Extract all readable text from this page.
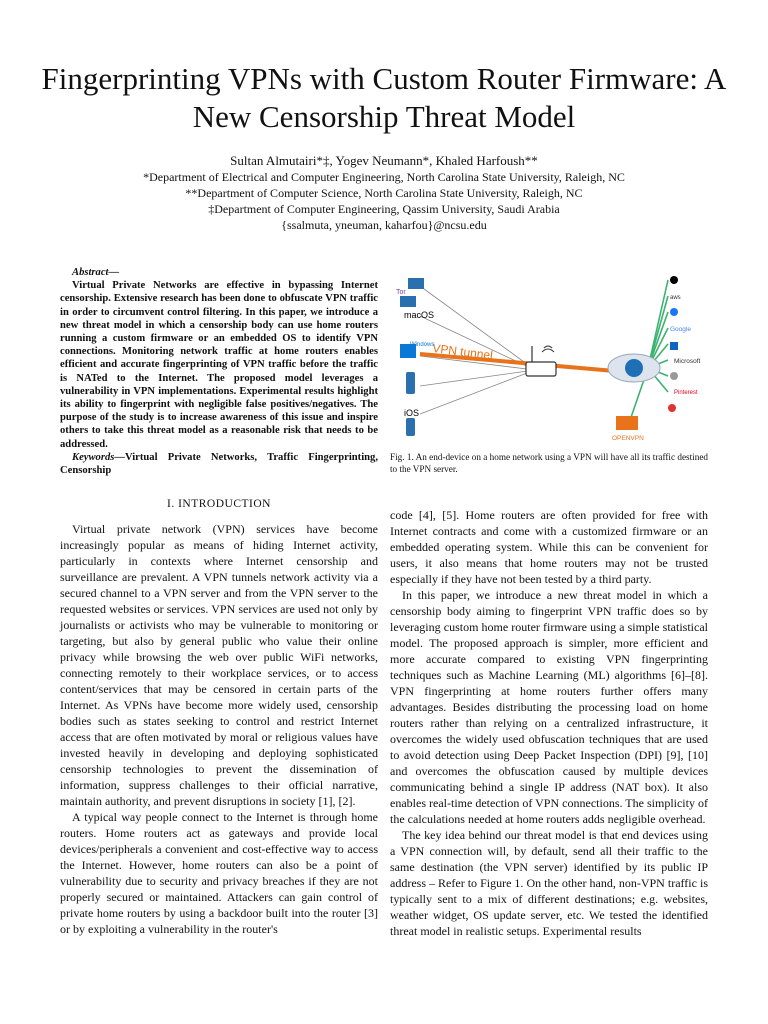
Fingerprinting VPNs with Custom Router Firmware: A New Censorship Threat Model
Sultan Almutairi*‡, Yogev Neumann*, Khaled Harfoush**
*Department of Electrical and Computer Engineering, North Carolina State University, Raleigh, NC
**Department of Computer Science, North Carolina State University, Raleigh, NC
‡Department of Computer Engineering, Qassim University, Saudi Arabia
{ssalmuta, yneuman, kaharfou}@ncsu.edu

Abstract—

Virtual Private Networks are effective in bypassing Internet censorship. Extensive research has been done to obfuscate VPN traffic in order to circumvent control filtering. In this paper, we introduce a new threat model in which a censorship body can use home routers running a custom firmware or an embedded OS to identify VPN connections. Monitoring network traffic at home routers enables efficient and accurate fingerprinting of VPN traffic before the traffic is NATed to the Internet. The proposed model leverages a vulnerability in VPN implementations. Experimental results highlight its ability to fingerprint with negligible false positives/negatives. The purpose of the study is to increase awareness of this issue and inspire others to take this threat model as a reasonable risk that needs to be addressed.

Keywords—Virtual Private Networks, Traffic Fingerprinting, Censorship

I. INTRODUCTION

Virtual private network (VPN) services have become increasingly popular as means of hiding Internet activity, particularly in contexts where Internet censorship and surveillance are prevalent. A VPN tunnels network activity via a secured channel to a VPN server and from the VPN server to the requested websites or services. VPN services are used not only by journalists or activists who may be vulnerable to monitoring or targeting, but also by general public who value their online privacy while browsing the web over public WiFi networks, connecting remotely to their workplace services, or to access content/services that may be censored in certain parts of the Internet. As VPNs have become more widely used, censorship bodies such as states seeking to control and restrict Internet access that are often motivated by moral or religious values have invested heavily in developing and deploying sophisticated censorship technologies to prevent the dissemination of information, suppress challenges to their official narrative, maintain authority, and prevent disruptions in society [1], [2].

A typical way people connect to the Internet is through home routers. Home routers act as gateways and provide local devices/peripherals a convenient and cost-effective way to access the Internet. However, home routers can also be a point of vulnerability due to security and privacy breaches if they are not properly secured or maintained. Attackers can gain control of private home routers by using a backdoor built into the router [3] or by exploiting a vulnerability in the router's

VPN tunnel
Tor
macOS
Windows
iOS
OPENVPN
aws
Google
Microsoft
Pinterest
Fig. 1. An end-device on a home network using a VPN will have all its traffic destined to the VPN server.

code [4], [5]. Home routers are often provided for free with Internet contracts and come with a customized firmware or an embedded operating system. While this can be convenient for users, it also means that home routers may not be trusted especially if they have not been tested by a third party.

In this paper, we introduce a new threat model in which a censorship body aiming to fingerprint VPN traffic does so by leveraging custom home router firmware using a simple statistical model. The proposed approach is simpler, more efficient and more accurate compared to existing VPN fingerprinting techniques such as Machine Learning (ML) algorithms [6]–[8]. VPN fingerprinting at home routers further offers many advantages. Besides distributing the processing load on home routers rather than relying on a centralized infrastructure, it overcomes the widely used obfuscation techniques that are used to avoid detection using Deep Packet Inspection (DPI) [9], [10] and overcomes the obfuscation caused by multiple devices communicating behind a single IP address (NAT box). It also enables real-time detection of VPN connections. The simplicity of the calculations needed at home routers adds negligible overhead.

The key idea behind our threat model is that end devices using a VPN connection will, by default, send all their traffic to the same destination (the VPN server) identified by its public IP address – Refer to Figure 1. On the other hand, non-VPN traffic is typically sent to a mix of different destinations; e.g. websites, weather widget, OS update server, etc. We tested the identified threat model in realistic setups. Experimental results
